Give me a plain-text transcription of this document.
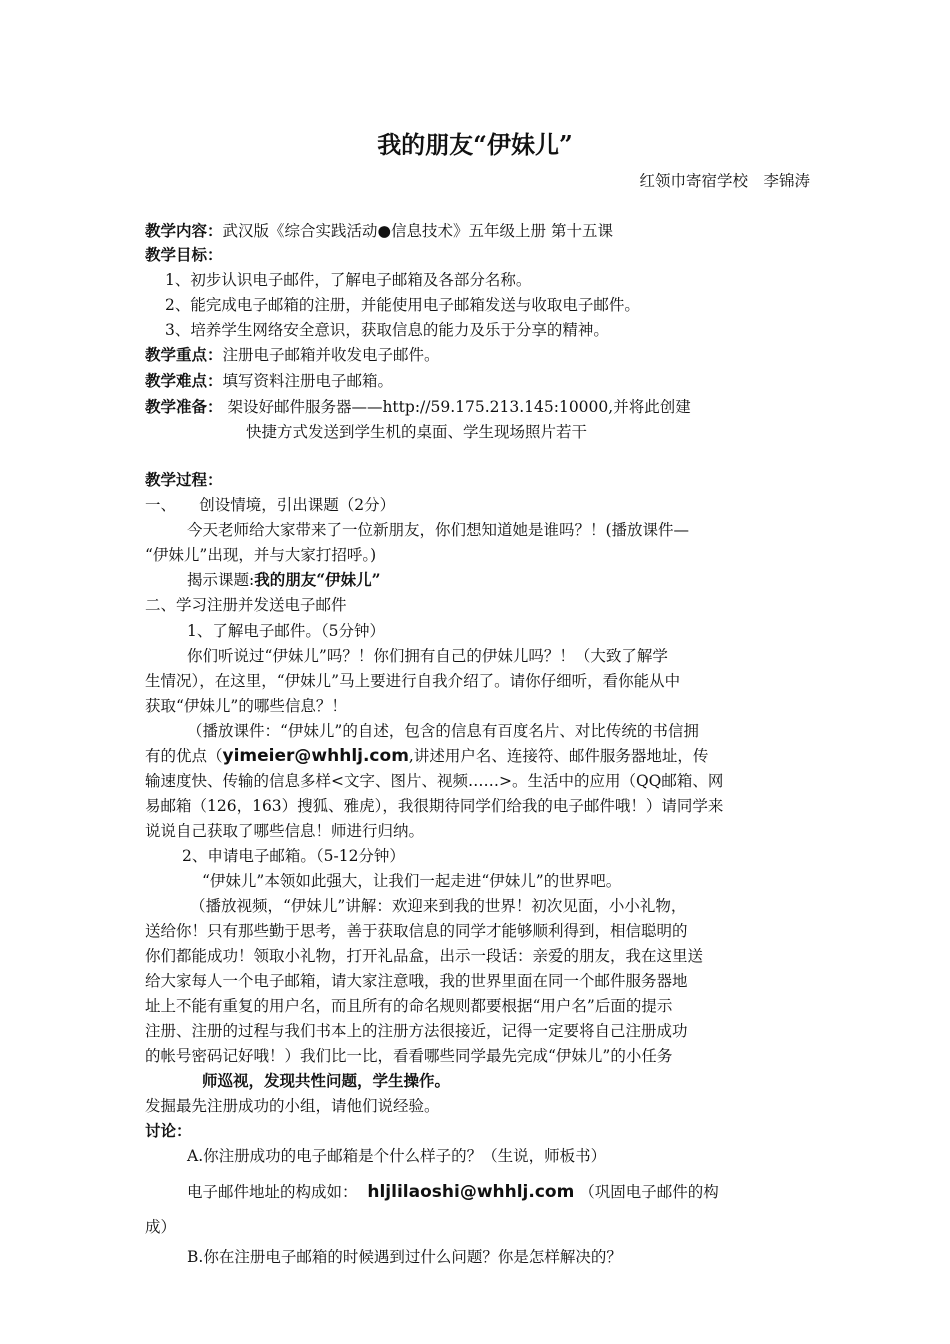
我的朋友“伊妹儿”
红领巾寄宿学校　李锦涛
教学内容：武汉版《综合实践活动●信息技术》五年级上册 第十五课
教学目标：
1、初步认识电子邮件，了解电子邮箱及各部分名称。
2、能完成电子邮箱的注册，并能使用电子邮箱发送与收取电子邮件。
3、培养学生网络安全意识，获取信息的能力及乐于分享的精神。
教学重点：注册电子邮箱并收发电子邮件。
教学难点：填写资料注册电子邮箱。
教学准备： 架设好邮件服务器——http://59.175.213.145:10000,并将此创建
快捷方式发送到学生机的桌面、学生现场照片若干
教学过程：
一、　　创设情境，引出课题（2分）
今天老师给大家带来了一位新朋友，你们想知道她是谁吗？！(播放课件—
“伊妹儿”出现，并与大家打招呼。)
揭示课题:我的朋友“伊妹儿”
二、学习注册并发送电子邮件
1、了解电子邮件。（5分钟）
你们听说过“伊妹儿”吗？！你们拥有自己的伊妹儿吗？！（大致了解学
生情况），在这里，“伊妹儿”马上要进行自我介绍了。请你仔细听，看你能从中
获取“伊妹儿”的哪些信息？！
（播放课件：“伊妹儿”的自述，包含的信息有百度名片、对比传统的书信拥
有的优点（yimeier@whhlj.com,讲述用户名、连接符、邮件服务器地址，传
输速度快、传输的信息多样<文字、图片、视频……>。生活中的应用（QQ邮箱、网
易邮箱（126，163）搜狐、雅虎），我很期待同学们给我的电子邮件哦！）请同学来
说说自己获取了哪些信息！师进行归纳。
2、申请电子邮箱。（5-12分钟）
“伊妹儿”本领如此强大，让我们一起走进“伊妹儿”的世界吧。
（播放视频，“伊妹儿”讲解：欢迎来到我的世界！初次见面，小小礼物，
送给你！只有那些勤于思考，善于获取信息的同学才能够顺利得到，相信聪明的
你们都能成功！领取小礼物，打开礼品盒，出示一段话：亲爱的朋友，我在这里送
给大家每人一个电子邮箱，请大家注意哦，我的世界里面在同一个邮件服务器地
址上不能有重复的用户名，而且所有的命名规则都要根据“用户名”后面的提示
注册、注册的过程与我们书本上的注册方法很接近，记得一定要将自己注册成功
的帐号密码记好哦！）我们比一比，看看哪些同学最先完成“伊妹儿”的小任务
师巡视，发现共性问题，学生操作。
发掘最先注册成功的小组，请他们说经验。
讨论：
A.你注册成功的电子邮箱是个什么样子的？（生说，师板书）
电子邮件地址的构成如： hljlilaoshi@whhlj.com （巩固电子邮件的构
成）
B.你在注册电子邮箱的时候遇到过什么问题？你是怎样解决的？
